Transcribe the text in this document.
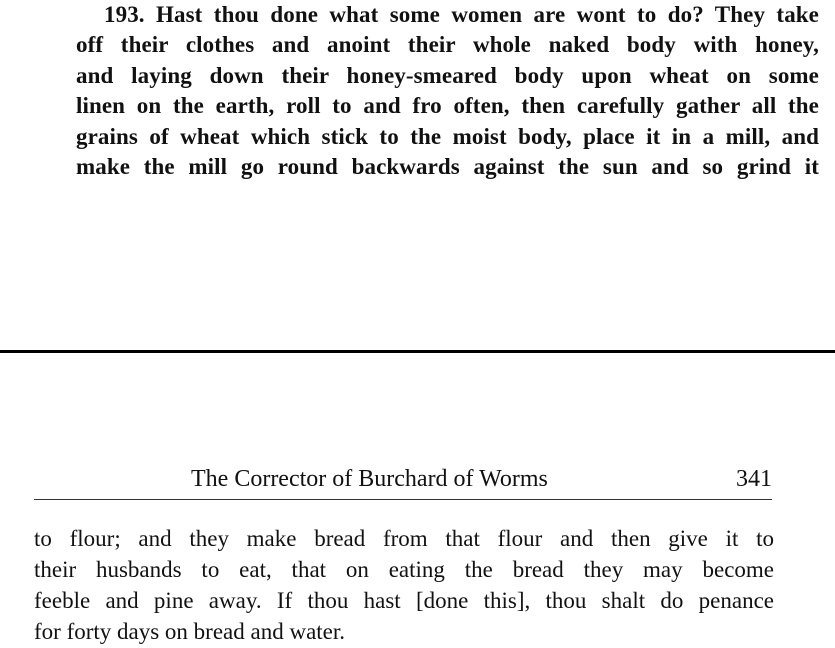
193. Hast thou done what some women are wont to do? They take
off their clothes and anoint their whole naked body with honey,
and laying down their honey-smeared body upon wheat on some
linen on the earth, roll to and fro often, then carefully gather all the
grains of wheat which stick to the moist body, place it in a mill, and
make the mill go round backwards against the sun and so grind it

The Corrector of Burchard of Worms	341

to flour; and they make bread from that flour and then give it to
their husbands to eat, that on eating the bread they may become
feeble and pine away. If thou hast [done this], thou shalt do penance
for forty days on bread and water.
